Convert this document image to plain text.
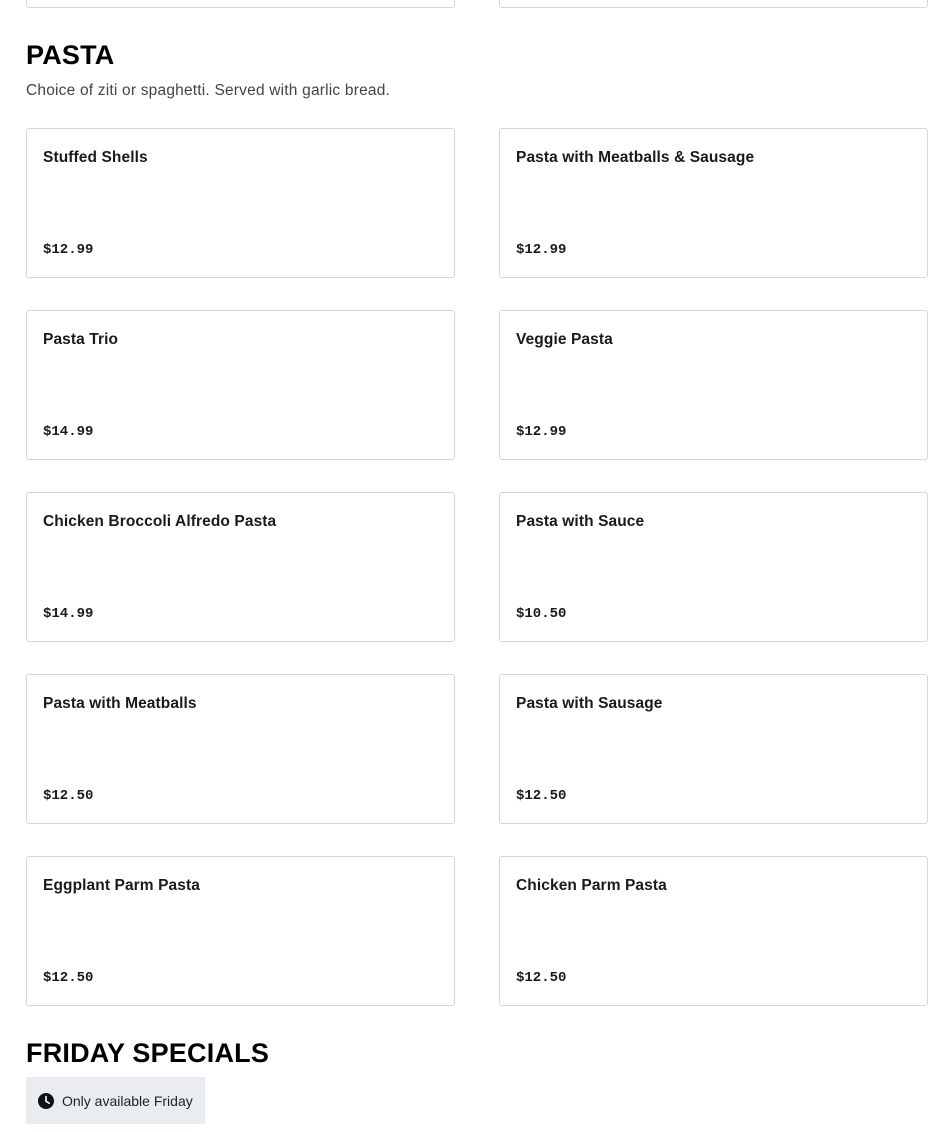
PASTA

Choice of ziti or spaghetti. Served with garlic bread.

Stuffed Shells
$12.99
Pasta with Meatballs & Sausage
$12.99
Pasta Trio
$14.99
Veggie Pasta
$12.99
Chicken Broccoli Alfredo Pasta
$14.99
Pasta with Sauce
$10.50
Pasta with Meatballs
$12.50
Pasta with Sausage
$12.50
Eggplant Parm Pasta
$12.50
Chicken Parm Pasta
$12.50
FRIDAY SPECIALS
Only available Friday
